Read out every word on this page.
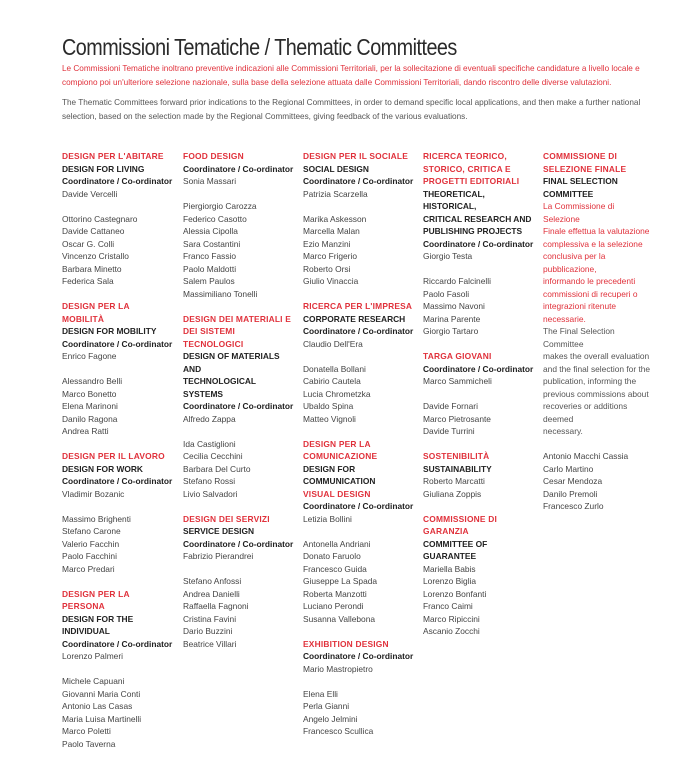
Commissioni Tematiche / Thematic Committees

Le Commissioni Tematiche inoltrano preventive indicazioni alle Commissioni Territoriali, per la sollecitazione di eventuali specifiche candidature a livello locale e compiono poi un'ulteriore selezione nazionale, sulla base della selezione attuata dalle Commissioni Territoriali, dando riscontro delle diverse valutazioni.

The Thematic Committees forward prior indications to the Regional Committees, in order to demand specific local applications, and then make a further national selection, based on the selection made by the Regional Committees, giving feedback of the various evaluations.

DESIGN PER L'ABITARE
DESIGN FOR LIVING
Coordinatore / Co-ordinator
Davide Vercelli
Ottorino Castegnaro
Davide Cattaneo
Oscar G. Colli
Vincenzo Cristallo
Barbara Minetto
Federica Sala
DESIGN PER LA MOBILITÀ
DESIGN FOR MOBILITY
Coordinatore / Co-ordinator
Enrico Fagone
Alessandro Belli
Marco Bonetto
Elena Marinoni
Danilo Ragona
Andrea Ratti
DESIGN PER IL LAVORO
DESIGN FOR WORK
Coordinatore / Co-ordinator
Vladimir Bozanic
Massimo Brighenti
Stefano Carone
Valerio Facchin
Paolo Facchini
Marco Predari
DESIGN PER LA PERSONA
DESIGN FOR THE
INDIVIDUAL
Coordinatore / Co-ordinator
Lorenzo Palmeri
Michele Capuani
Giovanni Maria Conti
Antonio Las Casas
Maria Luisa Martinelli
Marco Poletti
Paolo Taverna
FOOD DESIGN
Coordinatore / Co-ordinator
Sonia Massari
Piergiorgio Carozza
Federico Casotto
Alessia Cipolla
Sara Costantini
Franco Fassio
Paolo Maldotti
Salem Paulos
Massimiliano Tonelli
DESIGN DEI MATERIALI E
DEI SISTEMI TECNOLOGICI
DESIGN OF MATERIALS AND
TECHNOLOGICAL SYSTEMS
Coordinatore / Co-ordinator
Alfredo Zappa
Ida Castiglioni
Cecilia Cecchini
Barbara Del Curto
Stefano Rossi
Livio Salvadori
DESIGN DEI SERVIZI
SERVICE DESIGN
Coordinatore / Co-ordinator
Fabrizio Pierandrei
Stefano Anfossi
Andrea Danielli
Raffaella Fagnoni
Cristina Favini
Dario Buzzini
Beatrice Villari
DESIGN PER IL SOCIALE
SOCIAL DESIGN
Coordinatore / Co-ordinator
Patrizia Scarzella
Marika Askesson
Marcella Malan
Ezio Manzini
Marco Frigerio
Roberto Orsi
Giulio Vinaccia
RICERCA PER L'IMPRESA
CORPORATE RESEARCH
Coordinatore / Co-ordinator
Claudio Dell'Era
Donatella Bollani
Cabirio Cautela
Lucia Chrometzka
Ubaldo Spina
Matteo Vignoli
DESIGN PER LA
COMUNICAZIONE
DESIGN FOR
COMMUNICATION
VISUAL DESIGN
Coordinatore / Co-ordinator
Letizia Bollini
Antonella Andriani
Donato Faruolo
Francesco Guida
Giuseppe La Spada
Roberta Manzotti
Luciano Perondi
Susanna Vallebona
EXHIBITION DESIGN
Coordinatore / Co-ordinator
Mario Mastropietro
Elena Elli
Perla Gianni
Angelo Jelmini
Francesco Scullica
RICERCA TEORICO,
STORICO, CRITICA E
PROGETTI EDITORIALI
THEORETICAL, HISTORICAL,
CRITICAL RESEARCH AND
PUBLISHING PROJECTS
Coordinatore / Co-ordinator
Giorgio Testa
Riccardo Falcinelli
Paolo Fasoli
Massimo Navoni
Marina Parente
Giorgio Tartaro
TARGA GIOVANI
Coordinatore / Co-ordinator
Marco Sammicheli
Davide Fornari
Marco Pietrosante
Davide Turrini
SOSTENIBILITÀ
SUSTAINABILITY
Roberto Marcatti
Giuliana Zoppis
COMMISSIONE DI
GARANZIA
COMMITTEE OF
GUARANTEE
Mariella Babis
Lorenzo Biglia
Lorenzo Bonfanti
Franco Caimi
Marco Ripiccini
Ascanio Zocchi
COMMISSIONE DI
SELEZIONE FINALE
FINAL SELECTION
COMMITTEE
La Commissione di Selezione
Finale effettua la valutazione
complessiva e la selezione
conclusiva per la pubblicazione,
informando le precedenti
commissioni di recuperi o
integrazioni ritenute necessarie.
The Final Selection Committee
makes the overall evaluation
and the final selection for the
publication, informing the
previous commissions about
recoveries or additions deemed
necessary.
Antonio Macchi Cassia
Carlo Martino
Cesar Mendoza
Danilo Premoli
Francesco Zurlo
